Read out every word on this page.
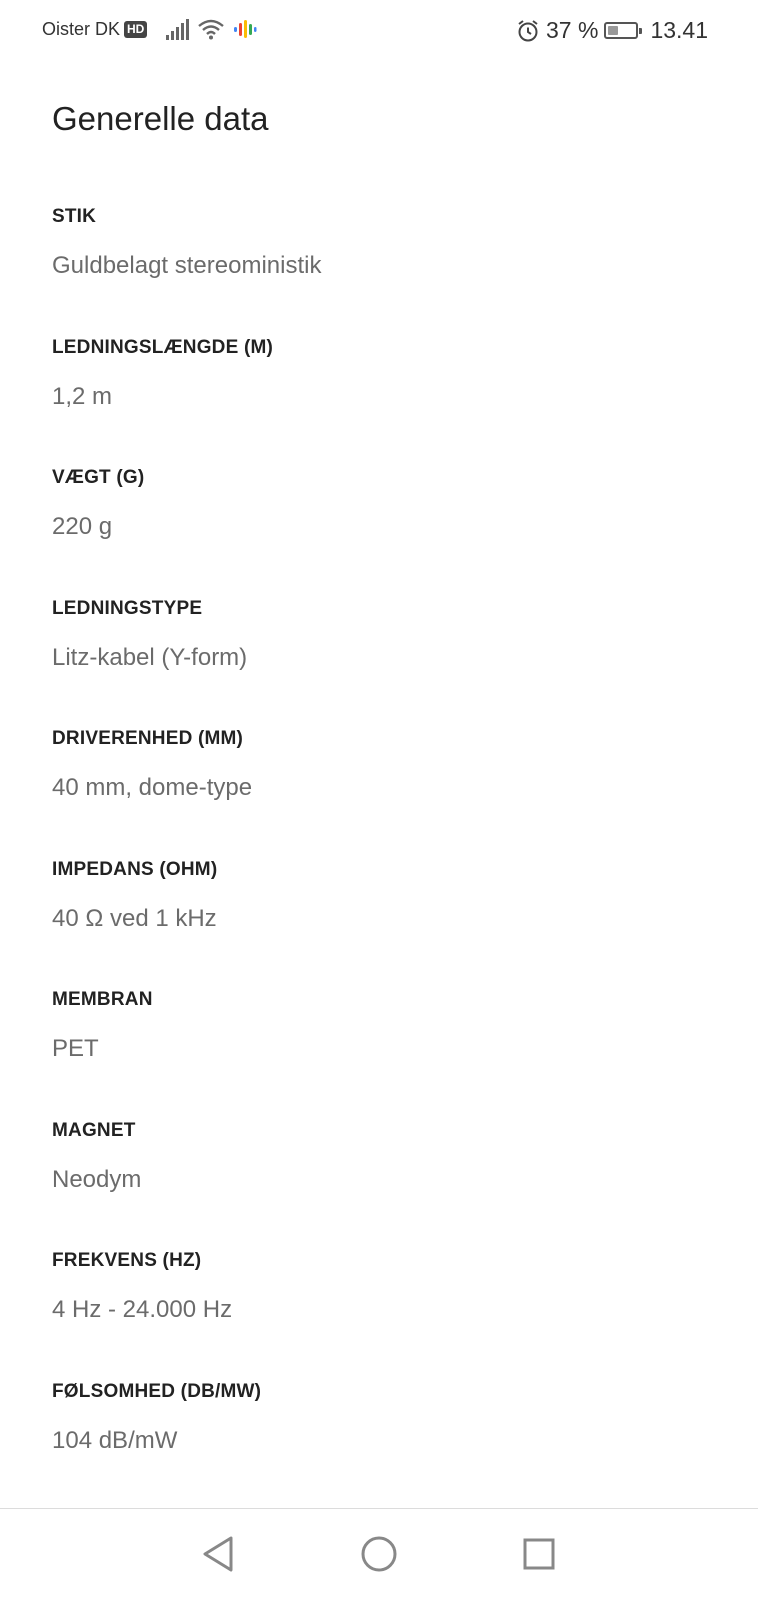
Oister DK HD	37 % 13.41
Generelle data
STIK
Guldbelagt stereoministik
LEDNINGSLÆNGDE (M)
1,2 m
VÆGT (G)
220 g
LEDNINGSTYPE
Litz-kabel (Y-form)
DRIVERENHED (MM)
40 mm, dome-type
IMPEDANS (OHM)
40 Ω ved 1 kHz
MEMBRAN
PET
MAGNET
Neodym
FREKVENS (HZ)
4 Hz - 24.000 Hz
FØLSOMHED (DB/MW)
104 dB/mW
